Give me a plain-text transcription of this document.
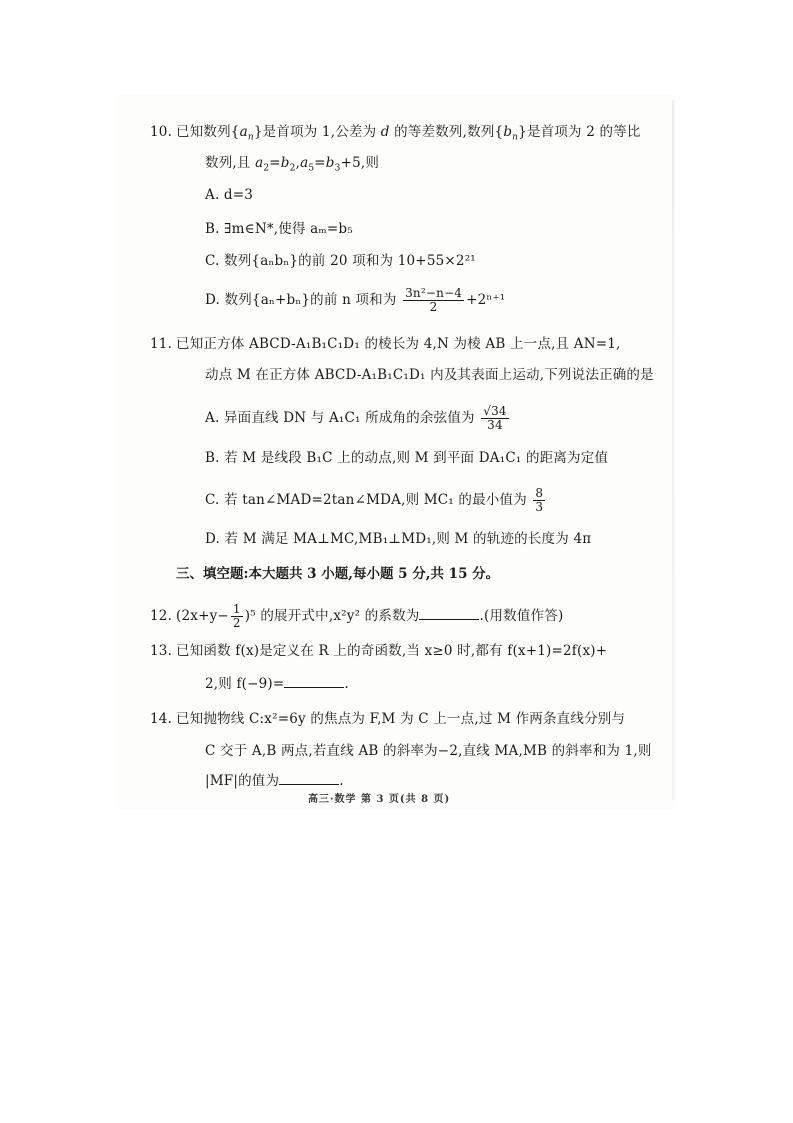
10. 已知数列$\{a_n\}$是首项为 1,公差为 d 的等差数列,数列$\{b_n\}$是首项为 2 的等比
数列,且 $a_2=b_2,a_5=b_3+5$,则
A. d=3
B. ∃m∈N*,使得 aₘ=b₅
C. 数列{aₙbₙ}的前 20 项和为 10+55×2²¹
D. 数列{aₙ+bₙ}的前 n 项和为 $\frac{\text{3n²−n−4}}{2} +2^{n+1}$
11. 已知正方体 ABCD-A₁B₁C₁D₁ 的棱长为 4,N 为棱 AB 上一点,且 AN=1,
动点 M 在正方体 ABCD-A₁B₁C₁D₁ 内及其表面上运动,下列说法正确的是
A. 异面直线 DN 与 A₁C₁ 所成角的余弦值为 $\frac{√34}{34}$
B. 若 M 是线段 B₁C 上的动点,则 M 到平面 DA₁C₁ 的距离为定值
C. 若 tan∠MAD=2tan∠MDA,则 MC₁ 的最小值为 $\frac{8}{3}$
D. 若 M 满足 MA⊥MC,MB₁⊥MD₁,则 M 的轨迹的长度为 4π
三、填空题:本大题共 3 小题,每小题 5 分,共 15 分。
12. $(2x+y- \frac{1}{2} )^5$ 的展开式中,x²y² 的系数为	.(用数值作答)
13. 已知函数 f(x)是定义在 R 上的奇函数,当 x≥0 时,都有 f(x+1)=2f(x)+
2,则 f(−9)=	.
14. 已知抛物线 C:x²=6y 的焦点为 F,M 为 C 上一点,过 M 作两条直线分别与
C 交于 A,B 两点,若直线 AB 的斜率为−2,直线 MA,MB 的斜率和为 1,则
|MF|的值为	.
高三·数学 第 3 页(共 8 页)
